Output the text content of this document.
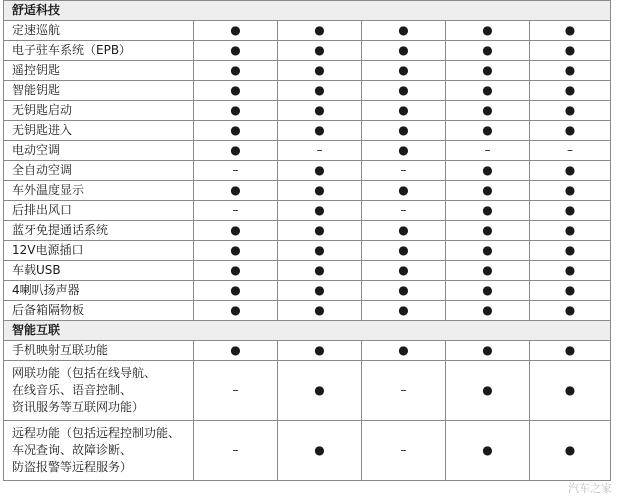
舒适科技					
定速巡航	●	●	●	●	●
电子驻车系统（EPB）	●	●	●	●	●
遥控钥匙	●	●	●	●	●
智能钥匙	●	●	●	●	●
无钥匙启动	●	●	●	●	●
无钥匙进入	●	●	●	●	●
电动空调	●	–	●	–	–
全自动空调	–	●	–	●	●
车外温度显示	●	●	●	●	●
后排出风口	–	●	–	●	●
蓝牙免提通话系统	●	●	●	●	●
12V电源插口	●	●	●	●	●
车载USB	●	●	●	●	●
4喇叭扬声器	●	●	●	●	●
后备箱隔物板	●	●	●	●	●
智能互联					
手机映射互联功能	●	●	●	●	●
网联功能（包括在线导航、
在线音乐、语音控制、
资讯服务等互联网功能）	–	●	–	●	●
远程功能（包括远程控制功能、
车况查询、故障诊断、
防盗报警等远程服务）	–	●	–	●	●
汽车之家
